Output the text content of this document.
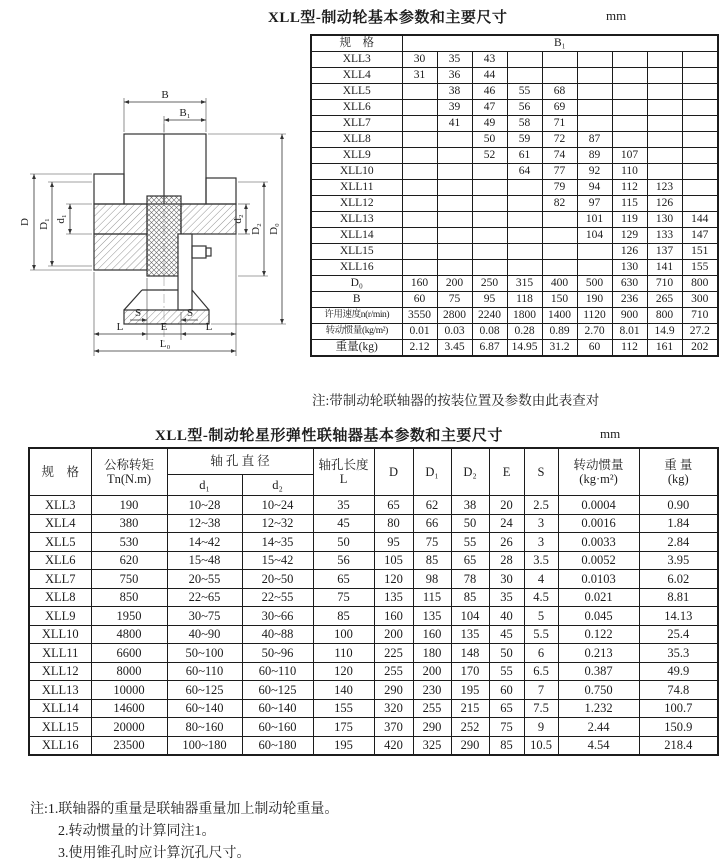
XLL型-制动轮基本参数和主要尺寸	mm
B
B₁
D D₁ d₁	d₂
D₂ D₀
S	S
L	E	L
L₀
规　格	B₁								
XLL3	30	35	43						
XLL4	31	36	44						
XLL5		38	46	55	68				
XLL6		39	47	56	69				
XLL7		41	49	58	71				
XLL8			50	59	72	87			
XLL9			52	61	74	89	107		
XLL10				64	77	92	110		
XLL11					79	94	112	123	
XLL12					82	97	115	126	
XLL13						101	119	130	144
XLL14						104	129	133	147
XLL15							126	137	151
XLL16							130	141	155
D₀	160	200	250	315	400	500	630	710	800
B	60	75	95	118	150	190	236	265	300
许用速度n(r/min)	3550	2800	2240	1800	1400	1120	900	800	710
转动惯量(kg/m²)	0.01	0.03	0.08	0.28	0.89	2.70	8.01	14.9	27.2
重量(kg)	2.12	3.45	6.87	14.95	31.2	60	112	161	202
注:带制动轮联轴器的按装位置及参数由此表查对
XLL型-制动轮星形弹性联轴器基本参数和主要尺寸	mm
规　格	公称转矩
Tn(N.m)	轴 孔 直 径		轴孔长度
L	D	D₁	D₂	E	S	转动惯量
(kg·m²)	重 量
(kg)

		d₁	d₂								
XLL3	190	10~28	10~24	35	65	62	38	20	2.5	0.0004	0.90
XLL4	380	12~38	12~32	45	80	66	50	24	3	0.0016	1.84
XLL5	530	14~42	14~35	50	95	75	55	26	3	0.0033	2.84
XLL6	620	15~48	15~42	56	105	85	65	28	3.5	0.0052	3.95
XLL7	750	20~55	20~50	65	120	98	78	30	4	0.0103	6.02
XLL8	850	22~65	22~55	75	135	115	85	35	4.5	0.021	8.81
XLL9	1950	30~75	30~66	85	160	135	104	40	5	0.045	14.13
XLL10	4800	40~90	40~88	100	200	160	135	45	5.5	0.122	25.4
XLL11	6600	50~100	50~96	110	225	180	148	50	6	0.213	35.3
XLL12	8000	60~110	60~110	120	255	200	170	55	6.5	0.387	49.9
XLL13	10000	60~125	60~125	140	290	230	195	60	7	0.750	74.8
XLL14	14600	60~140	60~140	155	320	255	215	65	7.5	1.232	100.7
XLL15	20000	80~160	60~160	175	370	290	252	75	9	2.44	150.9
XLL16	23500	100~180	60~180	195	420	325	290	85	10.5	4.54	218.4
注:1.联轴器的重量是联轴器重量加上制动轮重量。
2.转动惯量的计算同注1。
3.使用锥孔时应计算沉孔尺寸。
